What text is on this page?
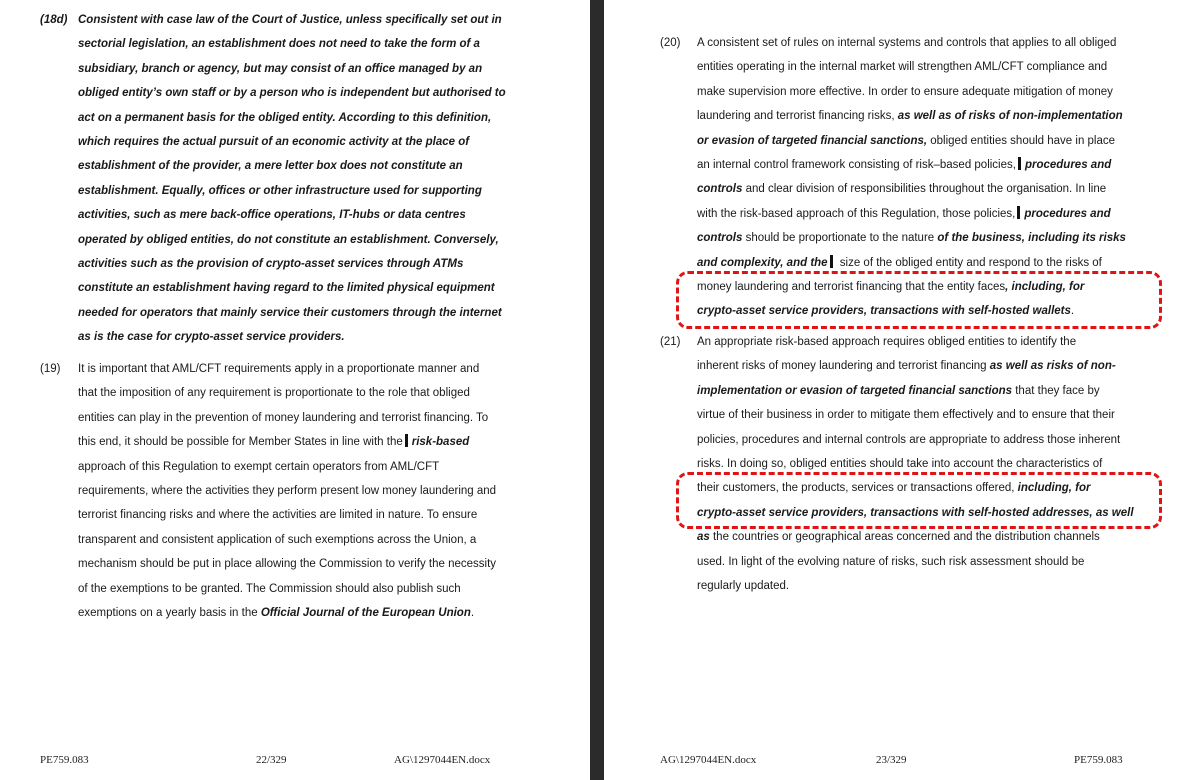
(18d) Consistent with case law of the Court of Justice, unless specifically set out in
sectorial legislation, an establishment does not need to take the form of a
subsidiary, branch or agency, but may consist of an office managed by an
obliged entity’s own staff or by a person who is independent but authorised to
act on a permanent basis for the obliged entity. According to this definition,
which requires the actual pursuit of an economic activity at the place of
establishment of the provider, a mere letter box does not constitute an
establishment. Equally, offices or other infrastructure used for supporting
activities, such as mere back-office operations, IT-hubs or data centres
operated by obliged entities, do not constitute an establishment. Conversely,
activities such as the provision of crypto-asset services through ATMs
constitute an establishment having regard to the limited physical equipment
needed for operators that mainly service their customers through the internet
as is the case for crypto-asset service providers.
(19) It is important that AML/CFT requirements apply in a proportionate manner and
that the imposition of any requirement is proportionate to the role that obliged
entities can play in the prevention of money laundering and terrorist financing. To
this end, it should be possible for Member States in line with the risk-based
approach of this Regulation to exempt certain operators from AML/CFT
requirements, where the activities they perform present low money laundering and
terrorist financing risks and where the activities are limited in nature. To ensure
transparent and consistent application of such exemptions across the Union, a
mechanism should be put in place allowing the Commission to verify the necessity
of the exemptions to be granted. The Commission should also publish such
exemptions on a yearly basis in the Official Journal of the European Union.
PE759.083	22/329	AG\1297044EN.docx
(20) A consistent set of rules on internal systems and controls that applies to all obliged
entities operating in the internal market will strengthen AML/CFT compliance and
make supervision more effective. In order to ensure adequate mitigation of money
laundering and terrorist financing risks, as well as of risks of non-implementation
or evasion of targeted financial sanctions, obliged entities should have in place
an internal control framework consisting of risk–based policies, procedures and
controls and clear division of responsibilities throughout the organisation. In line
with the risk-based approach of this Regulation, those policies, procedures and
controls should be proportionate to the nature of the business, including its risks
and complexity, and the size of the obliged entity and respond to the risks of
money laundering and terrorist financing that the entity faces, including, for
crypto-asset service providers, transactions with self-hosted wallets.
(21) An appropriate risk-based approach requires obliged entities to identify the
inherent risks of money laundering and terrorist financing as well as risks of non-
implementation or evasion of targeted financial sanctions that they face by
virtue of their business in order to mitigate them effectively and to ensure that their
policies, procedures and internal controls are appropriate to address those inherent
risks. In doing so, obliged entities should take into account the characteristics of
their customers, the products, services or transactions offered, including, for
crypto-asset service providers, transactions with self-hosted addresses, as well
as the countries or geographical areas concerned and the distribution channels
used. In light of the evolving nature of risks, such risk assessment should be
regularly updated.
AG\1297044EN.docx	23/329	PE759.083
